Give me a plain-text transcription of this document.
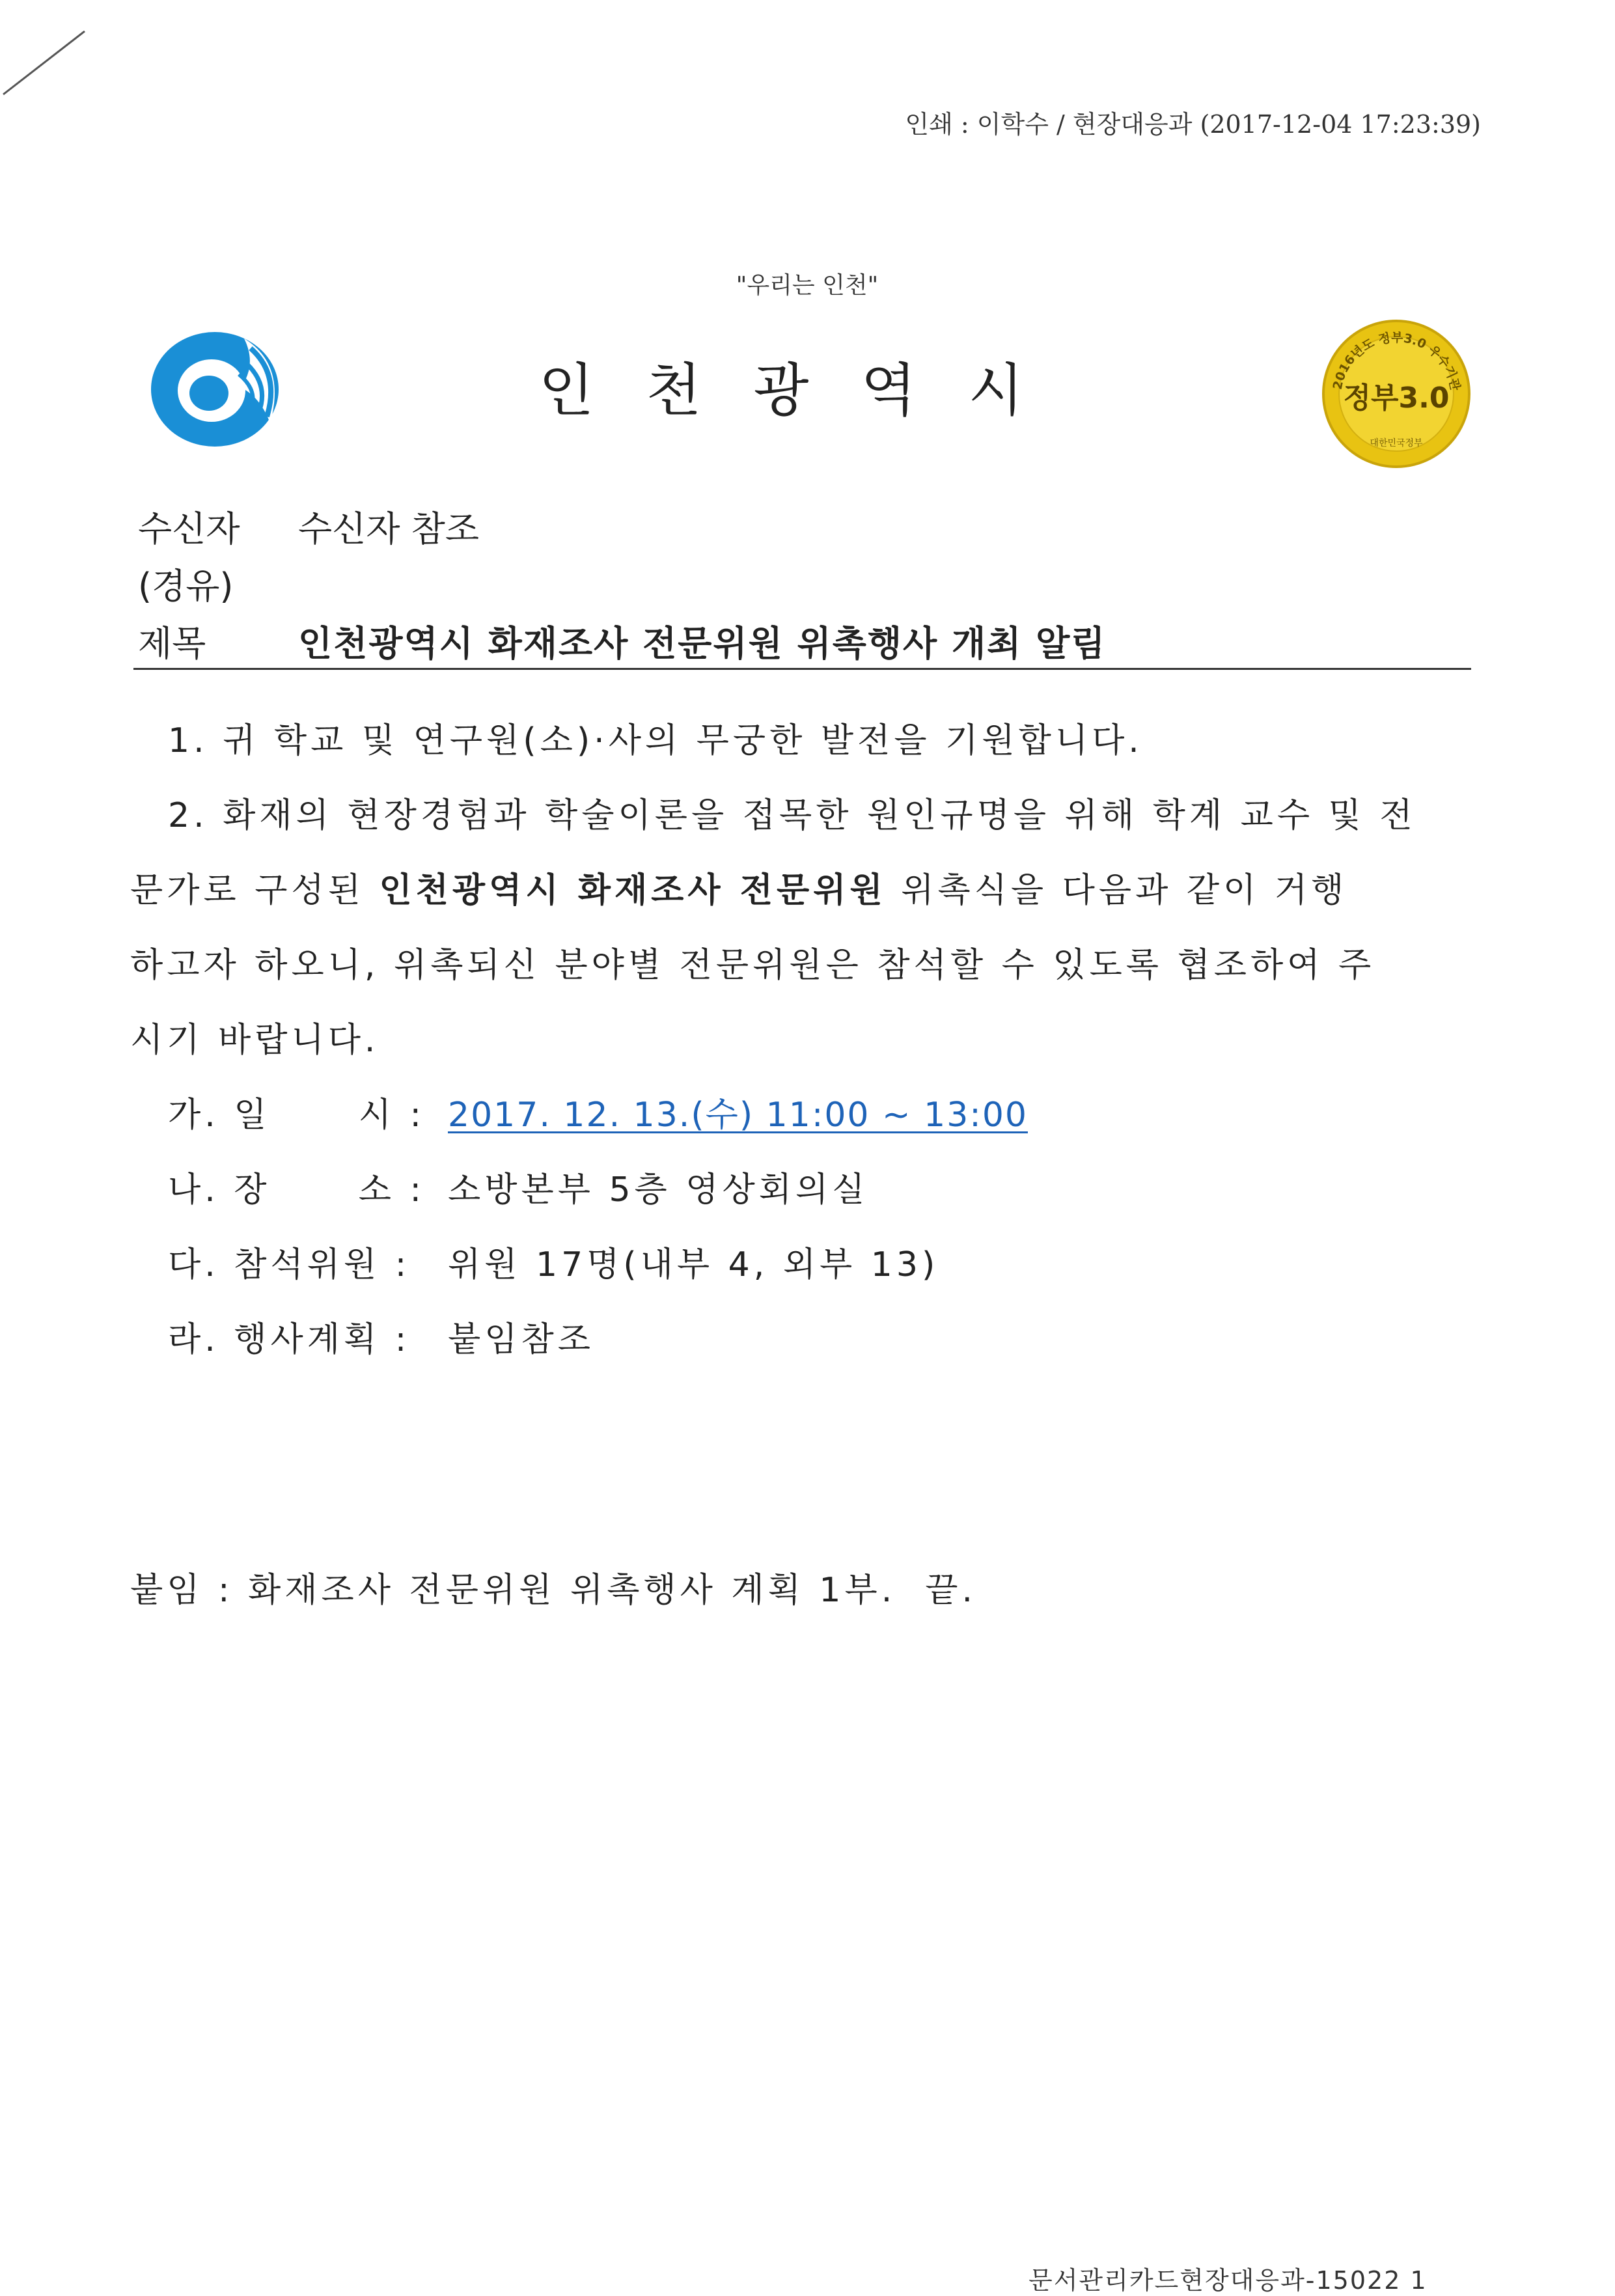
인쇄 : 이학수 / 현장대응과 (2017-12-04 17:23:39)
"우리는 인천"
인천광역시	2016년도 정부3.0 우수기관
정부3.0
대한민국정부
수신자 수신자 참조
(경유)
제목	인천광역시 화재조사 전문위원 위촉행사 개최 알림
1. 귀 학교 및 연구원(소)·사의 무궁한 발전을 기원합니다.
2. 화재의 현장경험과 학술이론을 접목한 원인규명을 위해 학계 교수 및 전
문가로 구성된 인천광역시 화재조사 전문위원 위촉식을 다음과 같이 거행
하고자 하오니, 위촉되신 분야별 전문위원은 참석할 수 있도록 협조하여 주
시기 바랍니다.
가. 일      시 : 2017. 12. 13.(수) 11:00 ~ 13:00
나. 장      소 : 소방본부 5층 영상회의실
다. 참석위원 : 위원 17명(내부 4, 외부 13)
라. 행사계획 : 붙임참조
붙임 : 화재조사 전문위원 위촉행사 계획 1부.  끝.
문서관리카드현장대응과-15022 1
